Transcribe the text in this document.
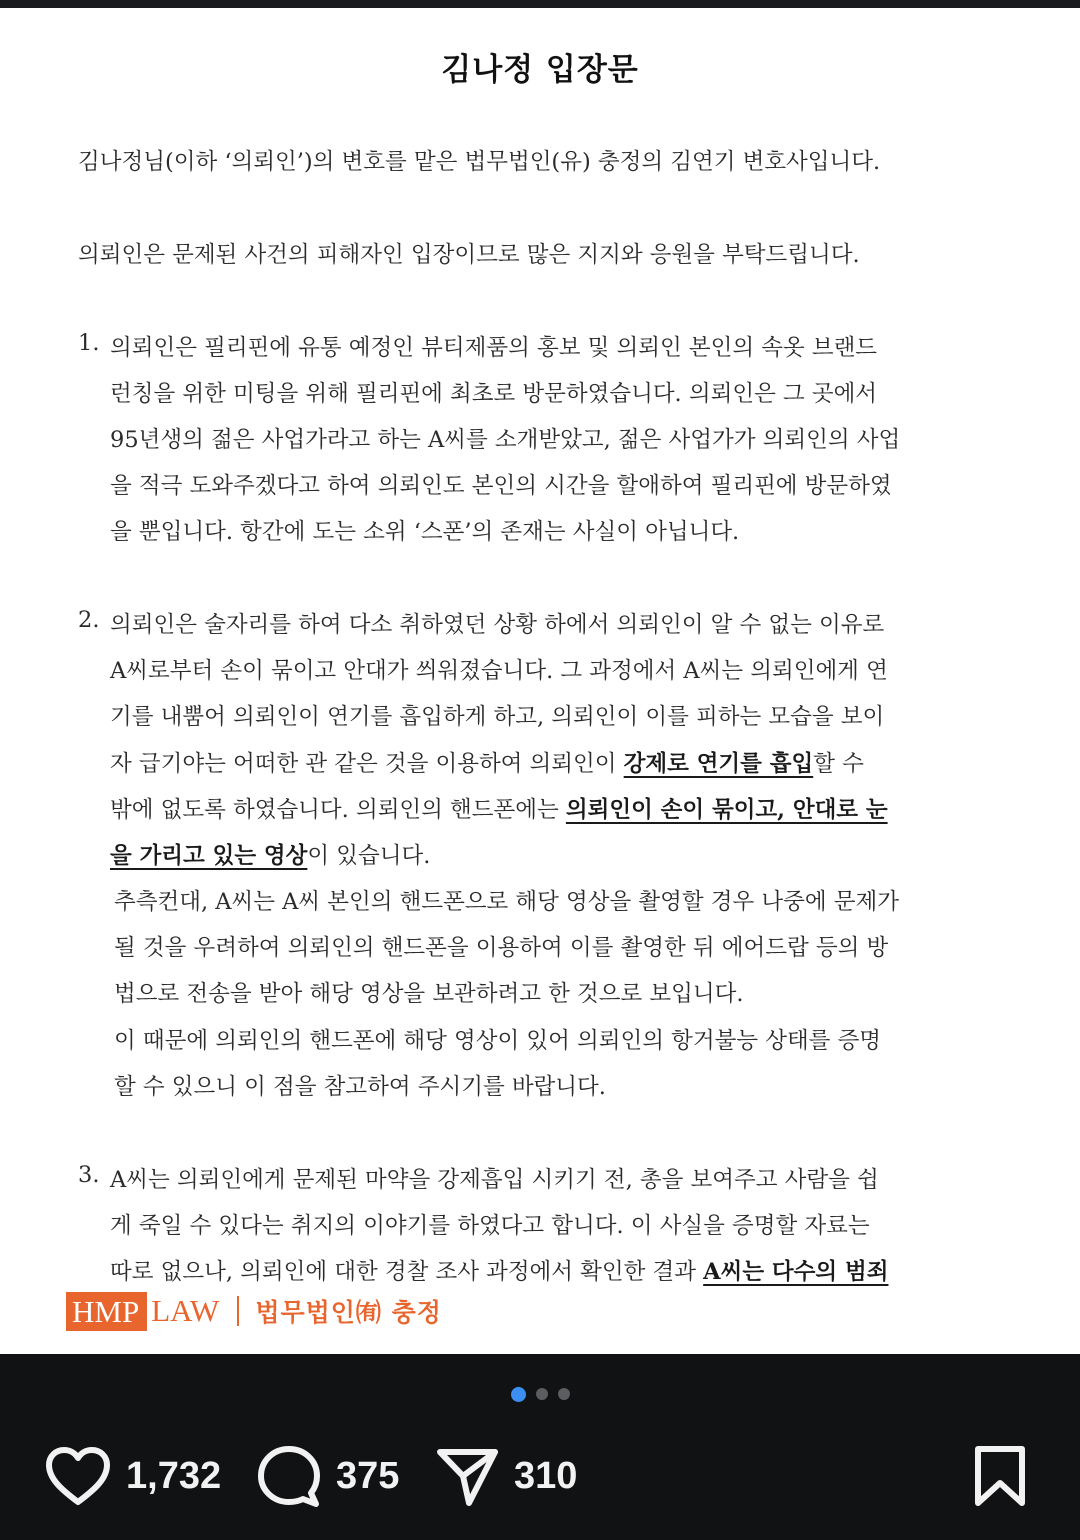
김나정 입장문
김나정님(이하 ‘의뢰인’)의 변호를 맡은 법무법인(유) 충정의 김연기 변호사입니다.
의뢰인은 문제된 사건의 피해자인 입장이므로 많은 지지와 응원을 부탁드립니다.
1. 의뢰인은 필리핀에 유통 예정인 뷰티제품의 홍보 및 의뢰인 본인의 속옷 브랜드
런칭을 위한 미팅을 위해 필리핀에 최초로 방문하였습니다. 의뢰인은 그 곳에서
95년생의 젊은 사업가라고 하는 A씨를 소개받았고, 젊은 사업가가 의뢰인의 사업
을 적극 도와주겠다고 하여 의뢰인도 본인의 시간을 할애하여 필리핀에 방문하였
을 뿐입니다. 항간에 도는 소위 ‘스폰’의 존재는 사실이 아닙니다.
2. 의뢰인은 술자리를 하여 다소 취하였던 상황 하에서 의뢰인이 알 수 없는 이유로
A씨로부터 손이 묶이고 안대가 씌워졌습니다. 그 과정에서 A씨는 의뢰인에게 연
기를 내뿜어 의뢰인이 연기를 흡입하게 하고, 의뢰인이 이를 피하는 모습을 보이
자 급기야는 어떠한 관 같은 것을 이용하여 의뢰인이 강제로 연기를 흡입할 수
밖에 없도록 하였습니다. 의뢰인의 핸드폰에는 의뢰인이 손이 묶이고, 안대로 눈
을 가리고 있는 영상이 있습니다.
추측컨대, A씨는 A씨 본인의 핸드폰으로 해당 영상을 촬영할 경우 나중에 문제가
될 것을 우려하여 의뢰인의 핸드폰을 이용하여 이를 촬영한 뒤 에어드랍 등의 방
법으로 전송을 받아 해당 영상을 보관하려고 한 것으로 보입니다.
이 때문에 의뢰인의 핸드폰에 해당 영상이 있어 의뢰인의 항거불능 상태를 증명
할 수 있으니 이 점을 참고하여 주시기를 바랍니다.
3. A씨는 의뢰인에게 문제된 마약을 강제흡입 시키기 전, 총을 보여주고 사람을 쉽
게 죽일 수 있다는 취지의 이야기를 하였다고 합니다. 이 사실을 증명할 자료는
따로 없으나, 의뢰인에 대한 경찰 조사 과정에서 확인한 결과 A씨는 다수의 범죄
HMP LAW 법무법인㈲ 충정
1,732	375	310
